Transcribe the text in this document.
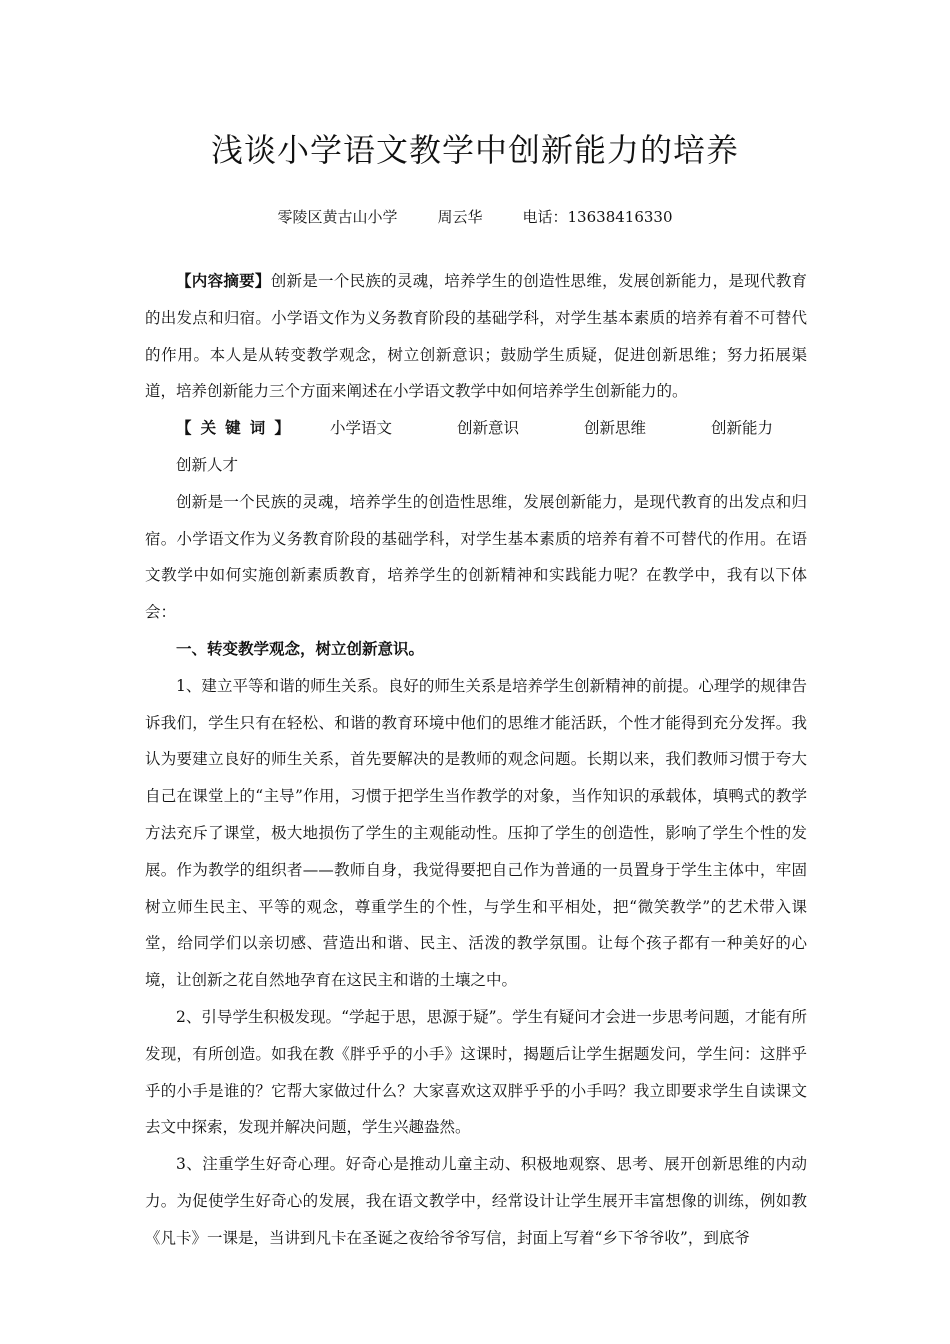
浅谈小学语文教学中创新能力的培养
零陵区黄古山小学	周云华	电话：13638416330

【内容摘要】创新是一个民族的灵魂，培养学生的创造性思维，发展创新能力，是现代教育的出发点和归宿。小学语文作为义务教育阶段的基础学科，对学生基本素质的培养有着不可替代的作用。本人是从转变教学观念，树立创新意识；鼓励学生质疑，促进创新思维；努力拓展渠道，培养创新能力三个方面来阐述在小学语文教学中如何培养学生创新能力的。

【关键词】 小学语文	创新意识	创新思维	创新能力创新人才

创新是一个民族的灵魂，培养学生的创造性思维，发展创新能力，是现代教育的出发点和归宿。小学语文作为义务教育阶段的基础学科，对学生基本素质的培养有着不可替代的作用。在语文教学中如何实施创新素质教育，培养学生的创新精神和实践能力呢？在教学中，我有以下体会：

一、转变教学观念，树立创新意识。

1、建立平等和谐的师生关系。良好的师生关系是培养学生创新精神的前提。心理学的规律告诉我们，学生只有在轻松、和谐的教育环境中他们的思维才能活跃，个性才能得到充分发挥。我认为要建立良好的师生关系，首先要解决的是教师的观念问题。长期以来，我们教师习惯于夸大自己在课堂上的“主导”作用，习惯于把学生当作教学的对象，当作知识的承载体，填鸭式的教学方法充斥了课堂，极大地损伤了学生的主观能动性。压抑了学生的创造性，影响了学生个性的发展。作为教学的组织者——教师自身，我觉得要把自己作为普通的一员置身于学生主体中，牢固树立师生民主、平等的观念，尊重学生的个性，与学生和平相处，把“微笑教学”的艺术带入课堂，给同学们以亲切感、营造出和谐、民主、活泼的教学氛围。让每个孩子都有一种美好的心境，让创新之花自然地孕育在这民主和谐的土壤之中。

2、引导学生积极发现。“学起于思，思源于疑”。学生有疑问才会进一步思考问题，才能有所发现，有所创造。如我在教《胖乎乎的小手》这课时，揭题后让学生据题发问，学生问：这胖乎乎的小手是谁的？它帮大家做过什么？大家喜欢这双胖乎乎的小手吗？我立即要求学生自读课文去文中探索，发现并解决问题，学生兴趣盎然。

3、注重学生好奇心理。好奇心是推动儿童主动、积极地观察、思考、展开创新思维的内动力。为促使学生好奇心的发展，我在语文教学中，经常设计让学生展开丰富想像的训练，例如教《凡卡》一课是，当讲到凡卡在圣诞之夜给爷爷写信，封面上写着“乡下爷爷收”，到底爷
